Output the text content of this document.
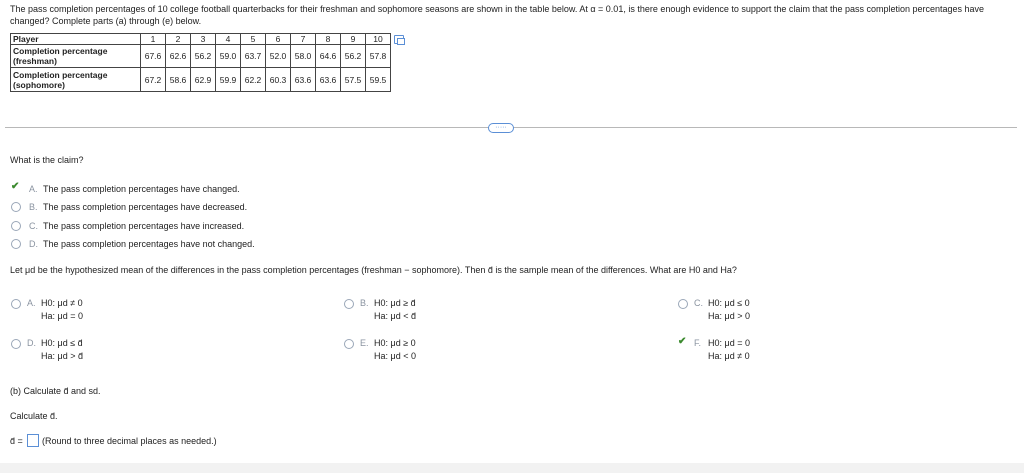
The pass completion percentages of 10 college football quarterbacks for their freshman and sophomore seasons are shown in the table below. At α = 0.01, is there enough evidence to support the claim that the pass completion percentages have changed? Complete parts (a) through (e) below.
Player	1	2	3	4	5	6	7	8	9	10
Completion percentage (freshman)	67.6	62.6	56.2	59.0	63.7	52.0	58.0	64.6	56.2	57.8
Completion percentage (sophomore)	67.2	58.6	62.9	59.9	62.2	60.3	63.6	63.6	57.5	59.5
·····
What is the claim?
✔ A. The pass completion percentages have changed.
B. The pass completion percentages have decreased.
C. The pass completion percentages have increased.
D. The pass completion percentages have not changed.
Let μd be the hypothesized mean of the differences in the pass completion percentages (freshman − sophomore). Then d̄ is the sample mean of the differences. What are H0 and Ha?
A. H0: μd ≠ 0
Ha: μd = 0
B. H0: μd ≥ d̄
Ha: μd < d̄
C. H0: μd ≤ 0
Ha: μd > 0
D. H0: μd ≤ d̄
Ha: μd > d̄
E. H0: μd ≥ 0
Ha: μd < 0
✔ F. H0: μd = 0
Ha: μd ≠ 0
(b) Calculate d̄ and sd.
Calculate d̄.
d̄ = (Round to three decimal places as needed.)
